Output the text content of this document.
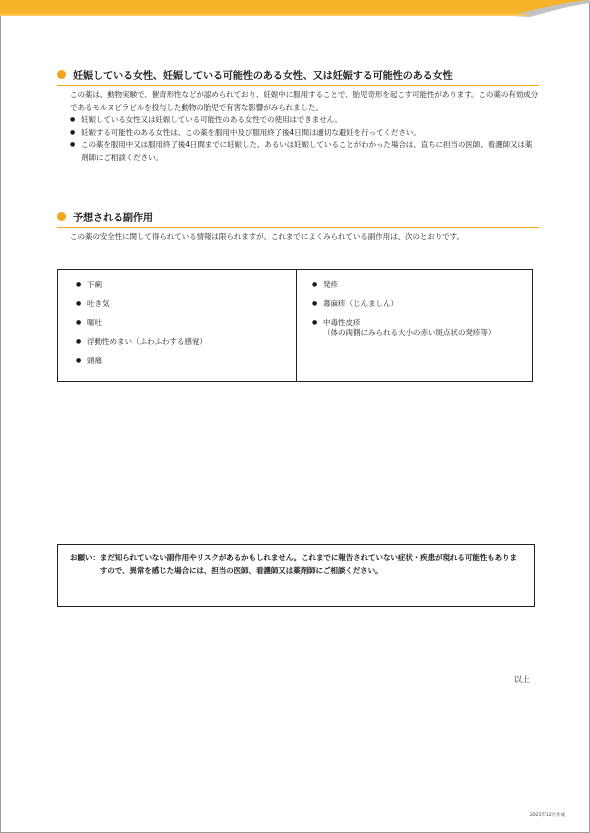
妊娠している女性、妊娠している可能性のある女性、又は妊娠する可能性のある女性
この薬は、動物実験で、催奇形性などが認められており、妊娠中に服用することで、胎児奇形を起こす可能性があります。この薬の有効成分であるモルヌピラビルを投与した動物の胎児で有害な影響がみられました。
● 妊娠している女性又は妊娠している可能性のある女性での使用はできません。
● 妊娠する可能性のある女性は、この薬を服用中及び服用終了後4日間は適切な避妊を行ってください。
● この薬を服用中又は服用終了後4日間までに妊娠した、あるいは妊娠していることがわかった場合は、直ちに担当の医師、看護師又は薬剤師にご相談ください。
予想される副作用
この薬の安全性に関して得られている情報は限られますが、これまでによくみられている副作用は、次のとおりです。
● 下痢
● 吐き気
● 嘔吐
● 浮動性めまい（ふわふわする感覚）
● 頭痛
● 発疹
● 蕁麻疹（じんましん）
● 中毒性皮疹
（体の両側にみられる大小の赤い斑点状の発疹等）
お願い： まだ知られていない副作用やリスクがあるかもしれません。これまでに報告されていない症状・疾患が現れる可能性もありますので、異常を感じた場合には、担当の医師、看護師又は薬剤師にご相談ください。
以上
2021年12月作成
